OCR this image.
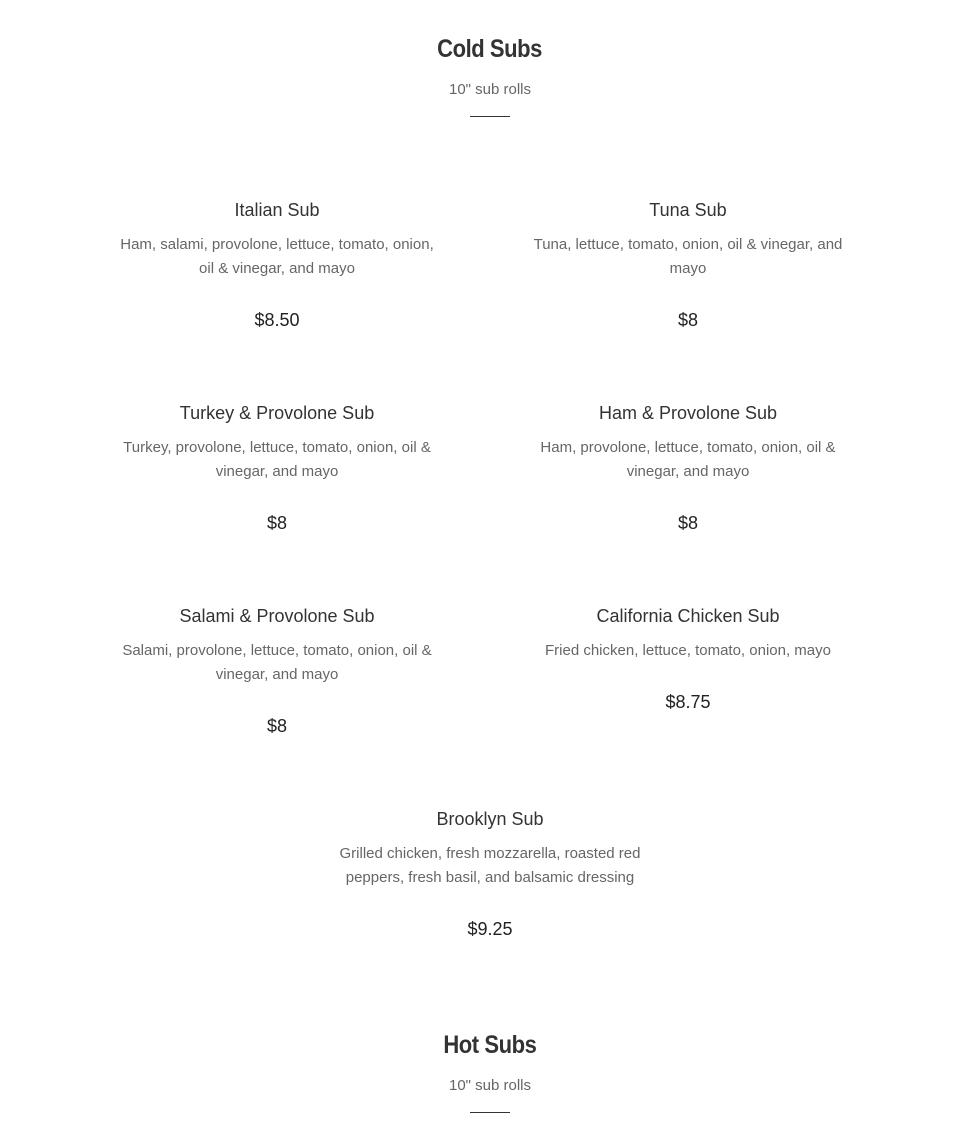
Cold Subs
10" sub rolls
Italian Sub
Ham, salami, provolone, lettuce, tomato, onion, oil & vinegar, and mayo
$8.50
Tuna Sub
Tuna, lettuce, tomato, onion, oil & vinegar, and mayo
$8
Turkey & Provolone Sub
Turkey, provolone, lettuce, tomato, onion, oil & vinegar, and mayo
$8
Ham & Provolone Sub
Ham, provolone, lettuce, tomato, onion, oil & vinegar, and mayo
$8
Salami & Provolone Sub
Salami, provolone, lettuce, tomato, onion, oil & vinegar, and mayo
$8
California Chicken Sub
Fried chicken, lettuce, tomato, onion, mayo
$8.75
Brooklyn Sub
Grilled chicken, fresh mozzarella, roasted red peppers, fresh basil, and balsamic dressing
$9.25
Hot Subs
10" sub rolls
